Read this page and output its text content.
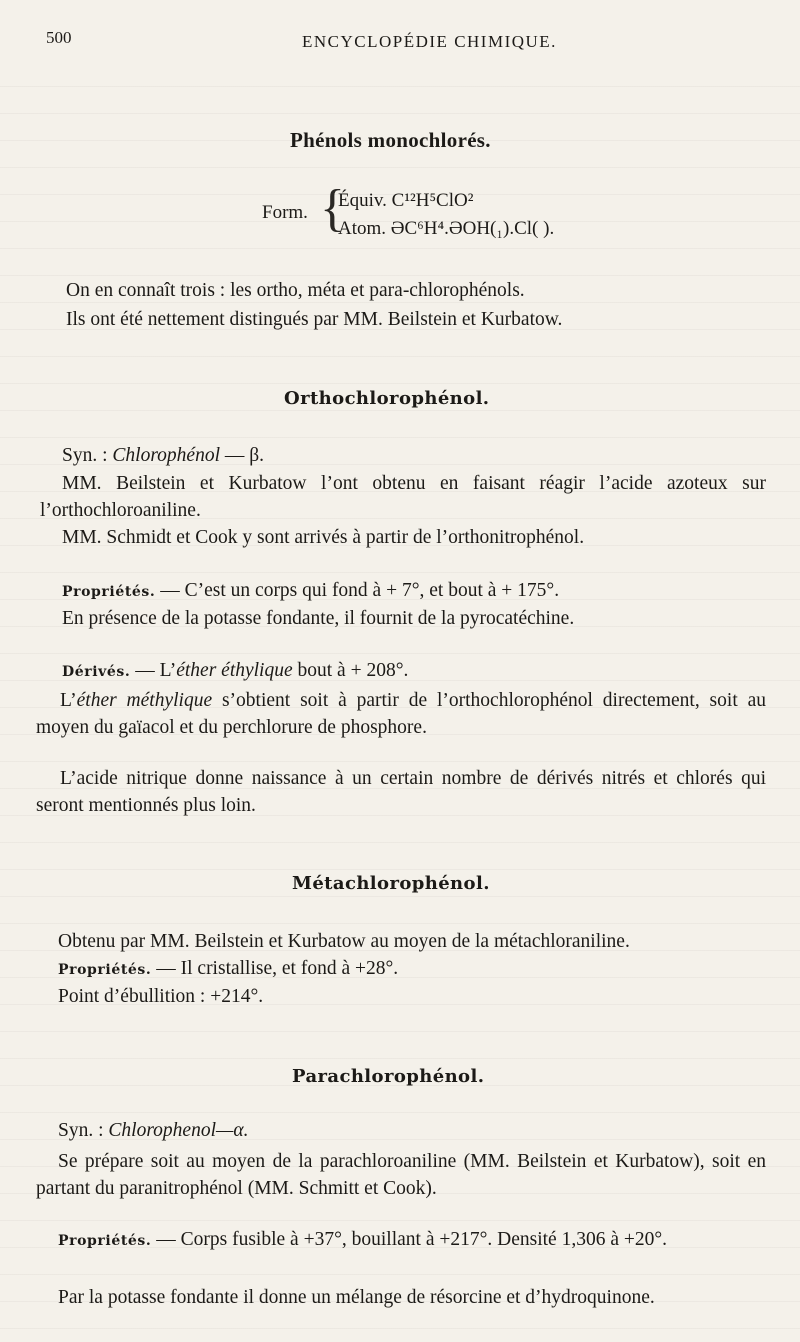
500	ENCYCLOPÉDIE CHIMIQUE.
Phénols monochlorés.
Form. {
Équiv. C¹²H⁵ClO²
Atom. ƏC⁶H⁴.ƏOH(₁).Cl( ).
On en connaît trois : les ortho, méta et para-chlorophénols.
Ils ont été nettement distingués par MM. Beilstein et Kurbatow.
Orthochlorophénol.
Syn. : Chlorophénol — β.
MM. Beilstein et Kurbatow l’ont obtenu en faisant réagir l’acide azoteux sur l’orthochloroaniline.
MM. Schmidt et Cook y sont arrivés à partir de l’orthonitrophénol.
Propriétés. — C’est un corps qui fond à + 7°, et bout à + 175°.
En présence de la potasse fondante, il fournit de la pyrocatéchine.
Dérivés. — L’éther éthylique bout à + 208°.
L’éther méthylique s’obtient soit à partir de l’orthochlorophénol directement, soit au moyen du gaïacol et du perchlorure de phosphore.
L’acide nitrique donne naissance à un certain nombre de dérivés nitrés et chlorés qui seront mentionnés plus loin.
Métachlorophénol.
Obtenu par MM. Beilstein et Kurbatow au moyen de la métachloraniline.
Propriétés. — Il cristallise, et fond à +28°.
Point d’ébullition : +214°.
Parachlorophénol.
Syn. : Chlorophenol—α.
Se prépare soit au moyen de la parachloroaniline (MM. Beilstein et Kurbatow), soit en partant du paranitrophénol (MM. Schmitt et Cook).
Propriétés. — Corps fusible à +37°, bouillant à +217°. Densité 1,306 à +20°.
Par la potasse fondante il donne un mélange de résorcine et d’hydroquinone.
